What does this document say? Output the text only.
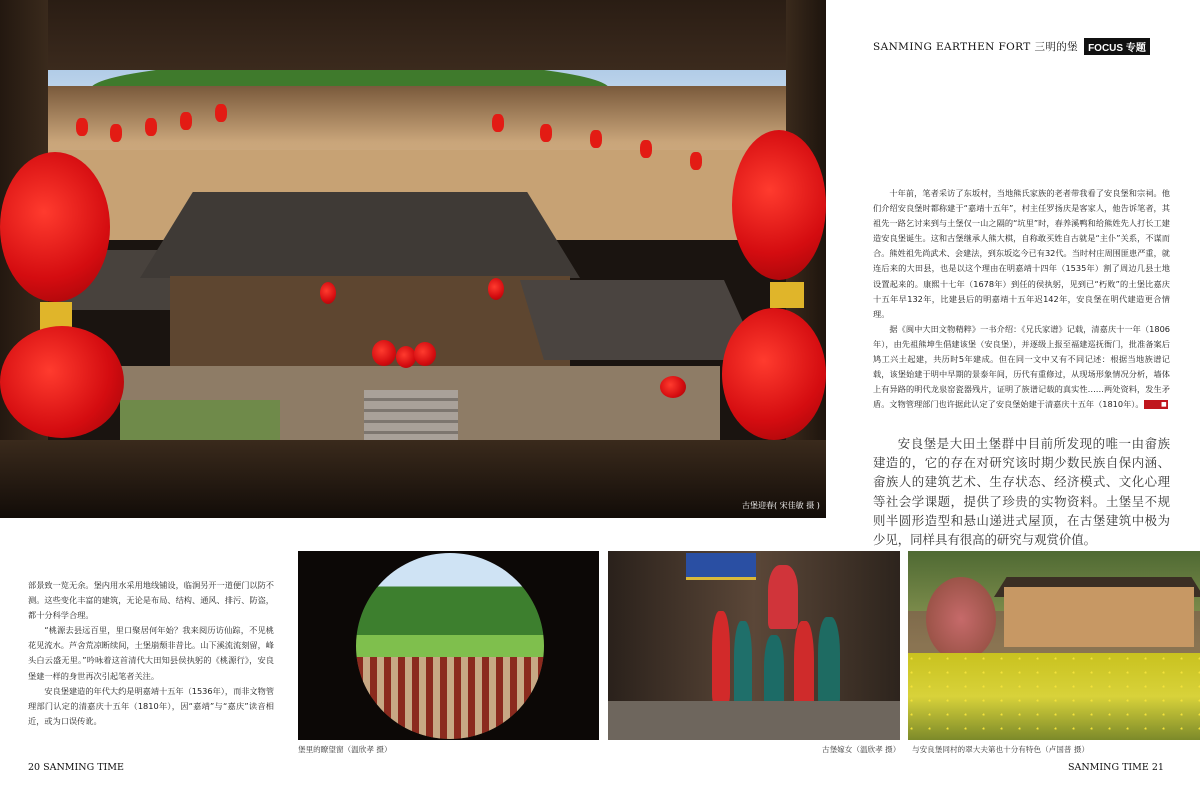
古堡迎春( 宋佳敏 摄 )
SANMING EARTHEN FORT 三明的堡	FOCUS 专题

十年前，笔者采访了东坂村，当地熊氏家族的老者带我看了安良堡和宗祠。他们介绍安良堡时都称建于“嘉靖十五年”，村主任罗扬庆是客家人，他告诉笔者，其祖先一路乞讨来到与土堡仅一山之隔的“坑里”时，春养溪鸭和给熊姓先人打长工建造安良堡诞生。这和古堡继承人熊大棋，自称敢买姓自古就是“主仆”关系，不谋而合。熊姓祖先尚武术、会建法，到东坂迄今已有32代。当时村庄周围匪患严重，就连后来的大田县，也是以这个理由在明嘉靖十四年（1535年）割了周边几县土地设置起来的。康熙十七年（1678年）到任的侯执躬，见到已“朽败”的土堡比嘉庆十五年早132年，比建县后的明嘉靖十五年迟142年，安良堡在明代建造更合情理。

据《闽中大田文物精粹》一书介绍：《兄氏家谱》记载，清嘉庆十一年（1806年），由先祖熊坤生倡建该堡（安良堡），并逐级上报至福建巡抚衙门，批准备案后鸠工兴土起建，共历时5年建成。但在同一文中又有不同记述：根据当地族谱记载，该堡始建于明中早期的景泰年间，历代有重修过，从现场形象情况分析，墙体上有异路的明代龙泉窑瓷器残片，证明了族谱记载的真实性……两处资料，发生矛盾。文物管理部门也许据此认定了安良堡始建于清嘉庆十五年（1810年）。	■

安良堡是大田土堡群中目前所发现的唯一由畲族建造的，它的存在对研究该时期少数民族自保内涵、畲族人的建筑艺术、生存状态、经济模式、文化心理等社会学课题，提供了珍贵的实物资料。土堡呈不规则半圆形造型和悬山递进式屋顶，在古堡建筑中极为少见，同样具有很高的研究与观赏价值。

部景致一览无余。堡内用水采用地线铺设，临涧另开一道便门以防不测。这些变化丰富的建筑，无论是布局、结构、通风、排污、防盗，都十分科学合理。

“桃源去县远百里，里口聚居何年始？我来阅历访仙踪，不见桃花见流水。芦舍荒凉断续间，土堡崩颓非昔比。山下溪流流刻留，峰头白云盛无里。”吟咏着这首清代大田知县侯执躬的《桃源行》，安良堡建一样的身世再次引起笔者关注。

安良堡建造的年代大约是明嘉靖十五年（1536年），而非文物管理部门认定的清嘉庆十五年（1810年），因“嘉靖”与“嘉庆”读音相近，或为口误传讹。

堡里的瞭望窗（温欣孝 摄）	古堡嫁女（温欣孝 摄） 与安良堡同村的翠大夫第也十分有特色（卢国普 摄）
20 SANMING TIME	SANMING TIME 21
